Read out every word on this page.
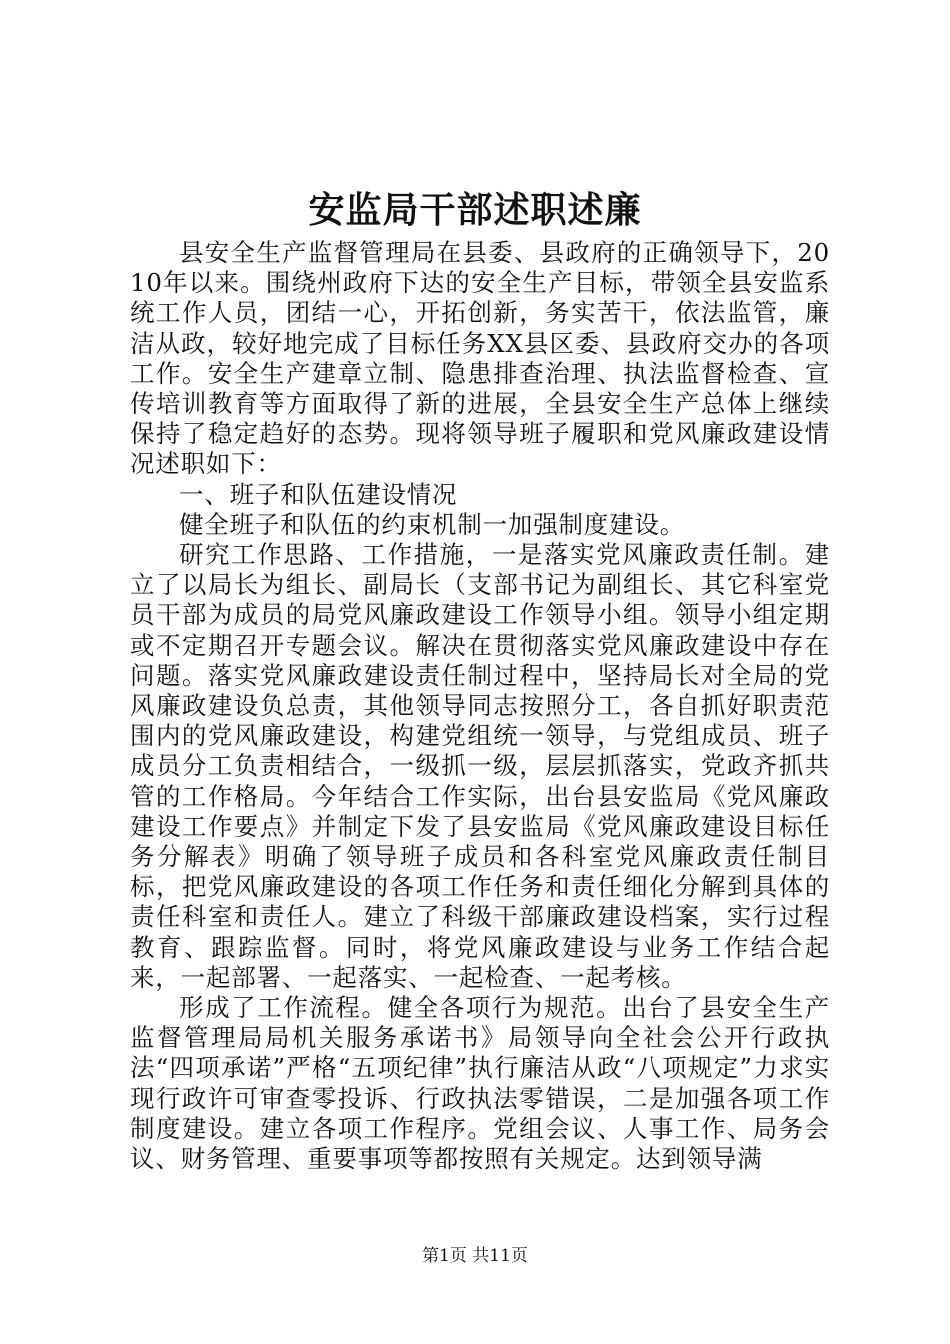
安监局干部述职述廉

县安全生产监督管理局在县委、县政府的正确领导下，2010年以来。围绕州政府下达的安全生产目标，带领全县安监系统工作人员，团结一心，开拓创新，务实苦干，依法监管，廉洁从政，较好地完成了目标任务XX县区委、县政府交办的各项工作。安全生产建章立制、隐患排查治理、执法监督检查、宣传培训教育等方面取得了新的进展，全县安全生产总体上继续保持了稳定趋好的态势。现将领导班子履职和党风廉政建设情况述职如下：

一、班子和队伍建设情况

健全班子和队伍的约束机制一加强制度建设。

研究工作思路、工作措施，一是落实党风廉政责任制。建立了以局长为组长、副局长（支部书记为副组长、其它科室党员干部为成员的局党风廉政建设工作领导小组。领导小组定期或不定期召开专题会议。解决在贯彻落实党风廉政建设中存在问题。落实党风廉政建设责任制过程中，坚持局长对全局的党风廉政建设负总责，其他领导同志按照分工，各自抓好职责范围内的党风廉政建设，构建党组统一领导，与党组成员、班子成员分工负责相结合，一级抓一级，层层抓落实，党政齐抓共管的工作格局。今年结合工作实际，出台县安监局《党风廉政建设工作要点》并制定下发了县安监局《党风廉政建设目标任务分解表》明确了领导班子成员和各科室党风廉政责任制目标，把党风廉政建设的各项工作任务和责任细化分解到具体的责任科室和责任人。建立了科级干部廉政建设档案，实行过程教育、跟踪监督。同时，将党风廉政建设与业务工作结合起来，一起部署、一起落实、一起检查、一起考核。

形成了工作流程。健全各项行为规范。出台了县安全生产监督管理局局机关服务承诺书》局领导向全社会公开行政执法“四项承诺”严格“五项纪律”执行廉洁从政“八项规定”力求实现行政许可审查零投诉、行政执法零错误，二是加强各项工作制度建设。建立各项工作程序。党组会议、人事工作、局务会议、财务管理、重要事项等都按照有关规定。达到领导满

第1页 共11页
